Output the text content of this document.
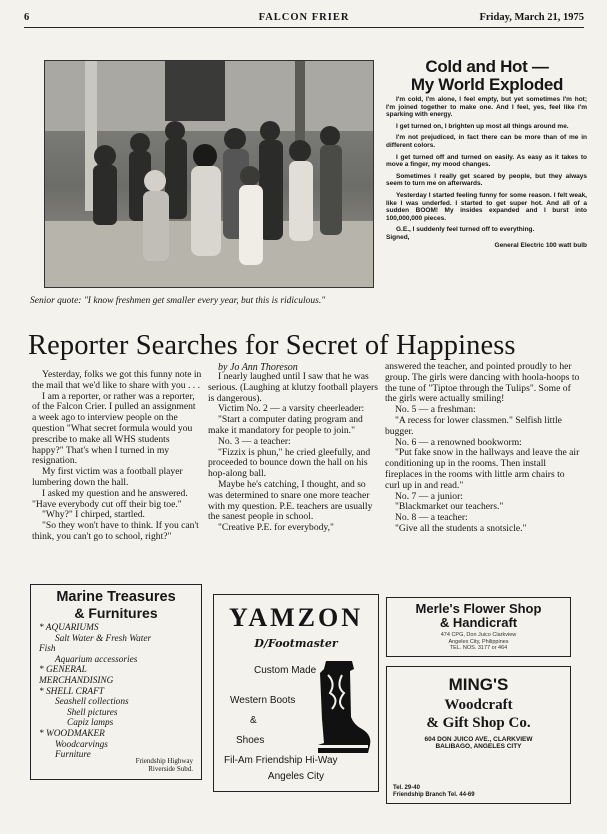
6	FALCON FRIER	Friday, March 21, 1975
Senior quote: "I know freshmen get smaller every year, but this is ridiculous."
Cold and Hot —
My World Exploded

I'm cold, I'm alone, I feel empty, but yet sometimes I'm hot; I'm joined together to make one. And I feel, yes, feel like I'm sparking with energy.

I get turned on, I brighten up most all things around me.

I'm not prejudiced, in fact there can be more than of me in different colors.

I get turned off and turned on easily. As easy as it takes to move a finger, my mood changes.

Sometimes I really get scared by people, but they always seem to turn me on afterwards.

Yesterday I started feeling funny for some reason. I felt weak, like I was underfed. I started to get super hot. And all of a sudden BOOM! My insides expanded and I burst into 100,000,000 pieces.

G.E., I suddenly feel turned off to everything.

Signed,

General Electric 100 watt bulb
Reporter Searches for Secret of Happiness
by Jo Ann Thoreson

Yesterday, folks we got this funny note in the mail that we'd like to share with you . . .

I am a reporter, or rather was a reporter, of the Falcon Crier. I pulled an assignment a week ago to interview people on the question "What secret formula would you prescribe to make all WHS students happy?" That's when I turned in my resignation.

My first victim was a football player lumbering down the hall.

I asked my question and he answered. "Have everybody cut off their big toe."

"Why?" I chirped, startled.

"So they won't have to think. If you can't think, you can't go to school, right?"

I nearly laughed until I saw that he was serious. (Laughing at klutzy football players is dangerous).

Victim No. 2 — a varsity cheerleader:

"Start a computer dating program and make it mandatory for people to join."

No. 3 — a teacher:

"Fizzix is phun," he cried gleefully, and proceeded to bounce down the hall on his hop-along ball.

Maybe he's catching, I thought, and so was determined to snare one more teacher with my question. P.E. teachers are usually the sanest people in school.

"Creative P.E. for everybody,"

answered the teacher, and pointed proudly to her group. The girls were dancing with hoola-hoops to the tune of "Tiptoe through the Tulips". Some of the girls were actually smiling!

No. 5 — a freshman:

"A recess for lower classmen." Selfish little bugger.

No. 6 — a renowned bookworm:

"Put fake snow in the hallways and leave the air conditioning up in the rooms. Then install fireplaces in the rooms with little arm chairs to curl up in and read."

No. 7 — a junior:

"Blackmarket our teachers."

No. 8 — a teacher:

"Give all the students a snotsicle."

Marine Treasures
& Furnitures
* AQUARIUMS
Salt Water & Fresh Water
Fish
Aquarium accessories
* GENERAL
MERCHANDISING
* SHELL CRAFT
Seashell collections
Shell pictures
Capiz lamps
* WOODMAKER
Woodcarvings
Furniture
Friendship Highway
Riverside Subd.
YAMZON
D/Footmaster
Custom Made
Western Boots
&
Shoes
Fil-Am Friendship Hi-Way
Angeles City
Merle's Flower Shop
& Handicraft
474 CPG, Don Juico Clarkview
Angeles City, Philippines
TEL. NOS. 3177 or 464
MING'S
Woodcraft
& Gift Shop Co.
604 DON JUICO AVE., CLARKVIEW
BALIBAGO, ANGELES CITY
Tel. 29-40
Friendship Branch Tel. 44-69
